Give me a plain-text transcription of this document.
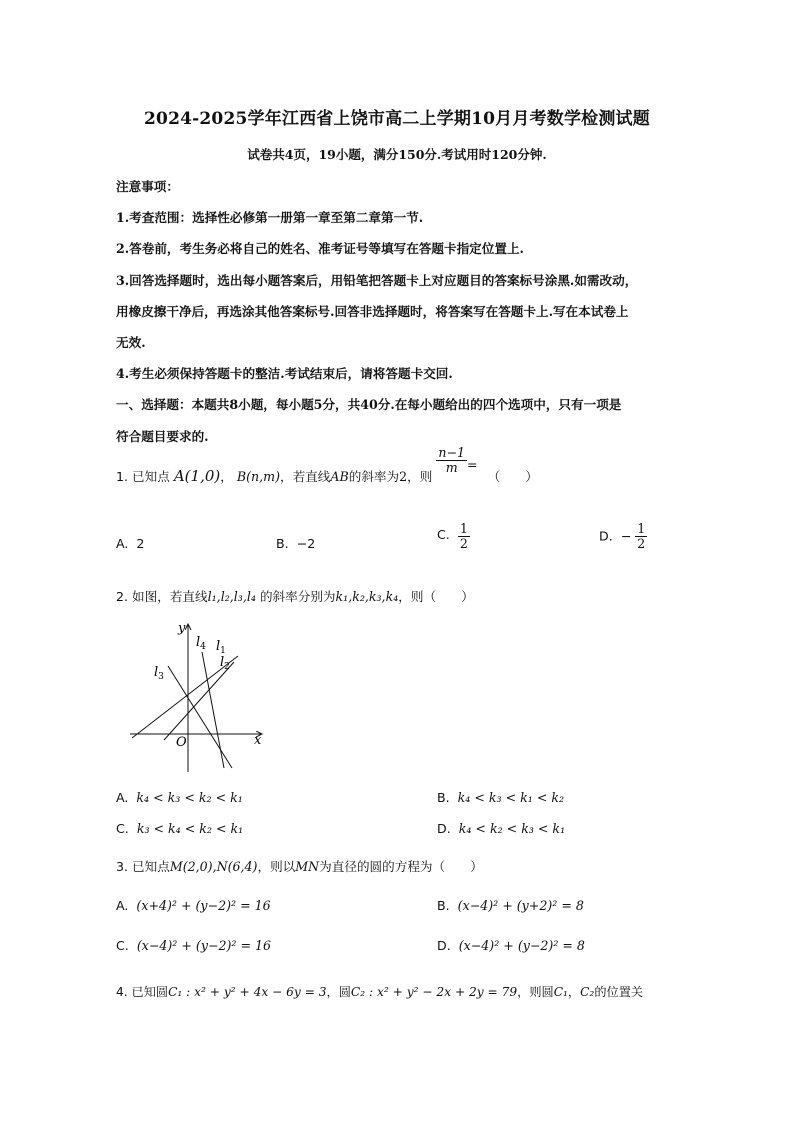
2024-2025学年江西省上饶市高二上学期10月月考数学检测试题
试卷共4页，19小题，满分150分.考试用时120分钟.
注意事项：
1.考查范围：选择性必修第一册第一章至第二章第一节.
2.答卷前，考生务必将自己的姓名、准考证号等填写在答题卡指定位置上.
3.回答选择题时，选出每小题答案后，用铅笔把答题卡上对应题目的答案标号涂黑.如需改动，
用橡皮擦干净后，再选涂其他答案标号.回答非选择题时，将答案写在答题卡上.写在本试卷上
无效.
4.考生必须保持答题卡的整洁.考试结束后，请将答题卡交回.
一、选择题：本题共8小题，每小题5分，共40分.在每小题给出的四个选项中，只有一项是
符合题目要求的.
1. 已知点 A(1,0)， B(n,m)，若直线AB的斜率为2，则
$\frac{n-1}{m}$ = （　　）
A. 2	B. −2
C. $\frac{1}{2}$	D. − $\frac{1}{2}$
2. 如图，若直线l₁,l₂,l₃,l₄ 的斜率分别为k₁,k₂,k₃,k₄，则（　　）
y
x
O
$l_1$
$l_2$
$l_3$
$l_4$
A. k₄ < k₃ < k₂ < k₁	B. k₄ < k₃ < k₁ < k₂
C. k₃ < k₄ < k₂ < k₁	D. k₄ < k₂ < k₃ < k₁
3. 已知点M(2,0),N(6,4)，则以MN为直径的圆的方程为（　　）
A. (x+4)² + (y−2)² = 16	B. (x−4)² + (y+2)² = 8
C. (x−4)² + (y−2)² = 16	D. (x−4)² + (y−2)² = 8
4. 已知圆C₁ : x² + y² + 4x − 6y = 3，圆C₂ : x² + y² − 2x + 2y = 79，则圆C₁，C₂的位置关
